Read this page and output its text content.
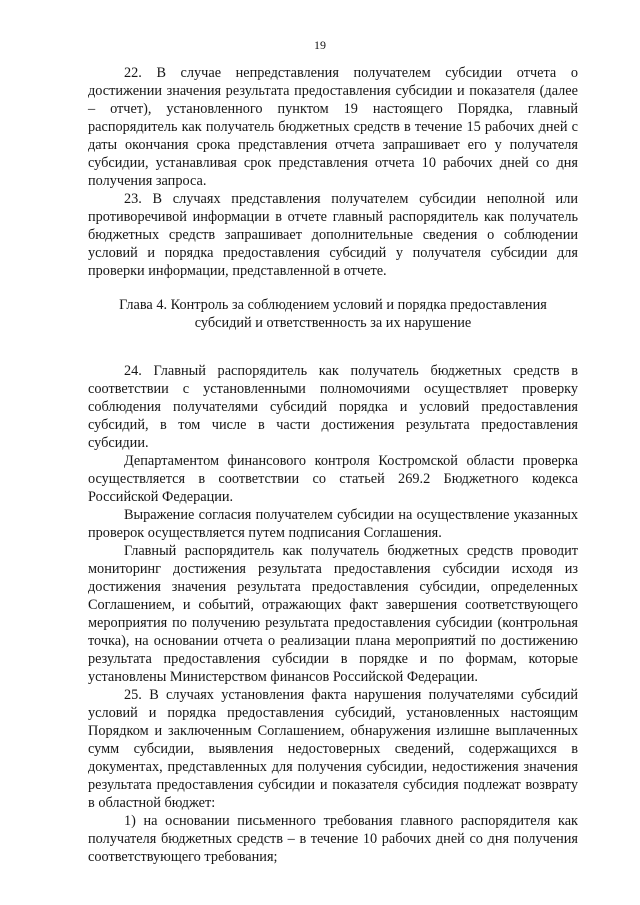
19

22. В случае непредставления получателем субсидии отчета о достижении значения результата предоставления субсидии и показателя (далее – отчет), установленного пунктом 19 настоящего Порядка, главный распорядитель как получатель бюджетных средств в течение 15 рабочих дней с даты окончания срока представления отчета запрашивает его у получателя субсидии, устанавливая срок представления отчета 10 рабочих дней со дня получения запроса.

23. В случаях представления получателем субсидии неполной или противоречивой информации в отчете главный распорядитель как получатель бюджетных средств запрашивает дополнительные сведения о соблюдении условий и порядка предоставления субсидий у получателя субсидии для проверки информации, представленной в отчете.

Глава 4. Контроль за соблюдением условий и порядка предоставления
субсидий и ответственность за их нарушение

24. Главный распорядитель как получатель бюджетных средств в соответствии с установленными полномочиями осуществляет проверку соблюдения получателями субсидий порядка и условий предоставления субсидий, в том числе в части достижения результата предоставления субсидии.

Департаментом финансового контроля Костромской области проверка осуществляется в соответствии со статьей 269.2 Бюджетного кодекса Российской Федерации.

Выражение согласия получателем субсидии на осуществление указанных проверок осуществляется путем подписания Соглашения.

Главный распорядитель как получатель бюджетных средств проводит мониторинг достижения результата предоставления субсидии исходя из достижения значения результата предоставления субсидии, определенных Соглашением, и событий, отражающих факт завершения соответствующего мероприятия по получению результата предоставления субсидии (контрольная точка), на основании отчета о реализации плана мероприятий по достижению результата предоставления субсидии в порядке и по формам, которые установлены Министерством финансов Российской Федерации.

25. В случаях установления факта нарушения получателями субсидий условий и порядка предоставления субсидий, установленных настоящим Порядком и заключенным Соглашением, обнаружения излишне выплаченных сумм субсидии, выявления недостоверных сведений, содержащихся в документах, представленных для получения субсидии, недостижения значения результата предоставления субсидии и показателя субсидия подлежат возврату в областной бюджет:

1) на основании письменного требования главного распорядителя как получателя бюджетных средств – в течение 10 рабочих дней со дня получения соответствующего требования;
